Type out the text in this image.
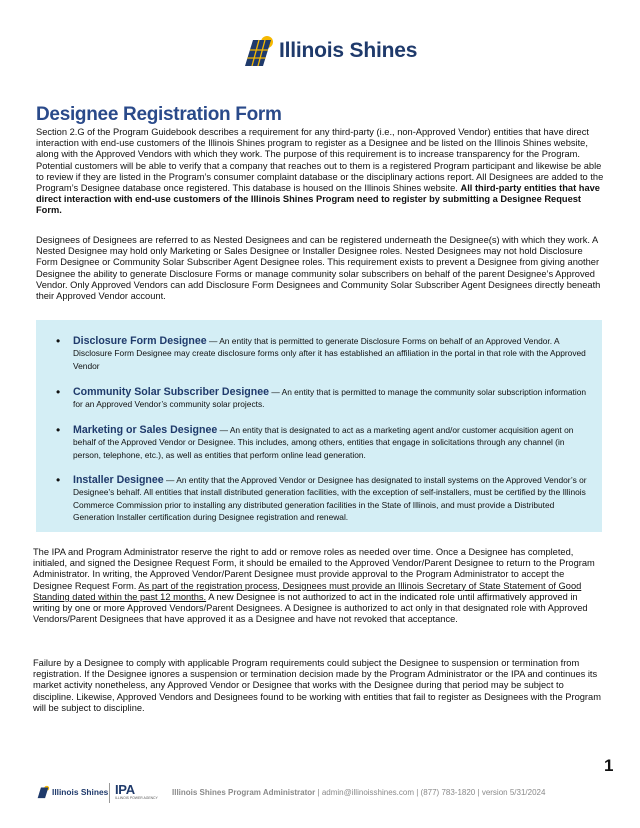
Illinois Shines
Designee Registration Form

Section 2.G of the Program Guidebook describes a requirement for any third-party (i.e., non-Approved Vendor) entities that have direct interaction with end-use customers of the Illinois Shines program to register as a Designee and be listed on the Illinois Shines website, along with the Approved Vendors with which they work. The purpose of this requirement is to increase transparency for the Program. Potential customers will be able to verify that a company that reaches out to them is a registered Program participant and likewise be able to review if they are listed in the Program’s consumer complaint database or the disciplinary actions report. All Designees are added to the Program’s Designee database once registered. This database is housed on the Illinois Shines website. All third-party entities that have direct interaction with end-use customers of the Illinois Shines Program need to register by submitting a Designee Request Form.

Designees of Designees are referred to as Nested Designees and can be registered underneath the Designee(s) with which they work. A Nested Designee may hold only Marketing or Sales Designee or Installer Designee roles. Nested Designees may not hold Disclosure Form Designee or Community Solar Subscriber Agent Designee roles. This requirement exists to prevent a Designee from giving another Designee the ability to generate Disclosure Forms or manage community solar subscribers on behalf of the parent Designee’s Approved Vendor. Only Approved Vendors can add Disclosure Form Designees and Community Solar Subscriber Agent Designees directly beneath their Approved Vendor account.

• Disclosure Form Designee — An entity that is permitted to generate Disclosure Forms on behalf of an Approved Vendor. A Disclosure Form Designee may create disclosure forms only after it has established an affiliation in the portal in that role with the Approved Vendor
• Community Solar Subscriber Designee — An entity that is permitted to manage the community solar subscription information for an Approved Vendor’s community solar projects.
• Marketing or Sales Designee — An entity that is designated to act as a marketing agent and/or customer acquisition agent on behalf of the Approved Vendor or Designee. This includes, among others, entities that engage in solicitations through any channel (in person, telephone, etc.), as well as entities that perform online lead generation.
• Installer Designee — An entity that the Approved Vendor or Designee has designated to install systems on the Approved Vendor’s or Designee’s behalf. All entities that install distributed generation facilities, with the exception of self-installers, must be certified by the Illinois Commerce Commission prior to installing any distributed generation facilities in the State of Illinois, and must provide a Distributed Generation Installer certification during Designee registration and renewal.

The IPA and Program Administrator reserve the right to add or remove roles as needed over time. Once a Designee has completed, initialed, and signed the Designee Request Form, it should be emailed to the Approved Vendor/Parent Designee to return to the Program Administrator. In writing, the Approved Vendor/Parent Designee must provide approval to the Program Administrator to accept the Designee Request Form. As part of the registration process, Designees must provide an Illinois Secretary of State Statement of Good Standing dated within the past 12 months. A new Designee is not authorized to act in the indicated role until affirmatively approved in writing by one or more Approved Vendors/Parent Designees. A Designee is authorized to act only in that designated role with Approved Vendors/Parent Designees that have approved it as a Designee and have not revoked that acceptance.

Failure by a Designee to comply with applicable Program requirements could subject the Designee to suspension or termination from registration. If the Designee ignores a suspension or termination decision made by the Program Administrator or the IPA and continues its market activity nonetheless, any Approved Vendor or Designee that works with the Designee during that period may be subject to discipline. Likewise, Approved Vendors and Designees found to be working with entities that fail to register as Designees with the Program will be subject to discipline.

1
Illinois Shines IPA
ILLINOIS POWER AGENCY
Illinois Shines Program Administrator | admin@illinoisshines.com | (877) 783-1820 | version 5/31/2024
